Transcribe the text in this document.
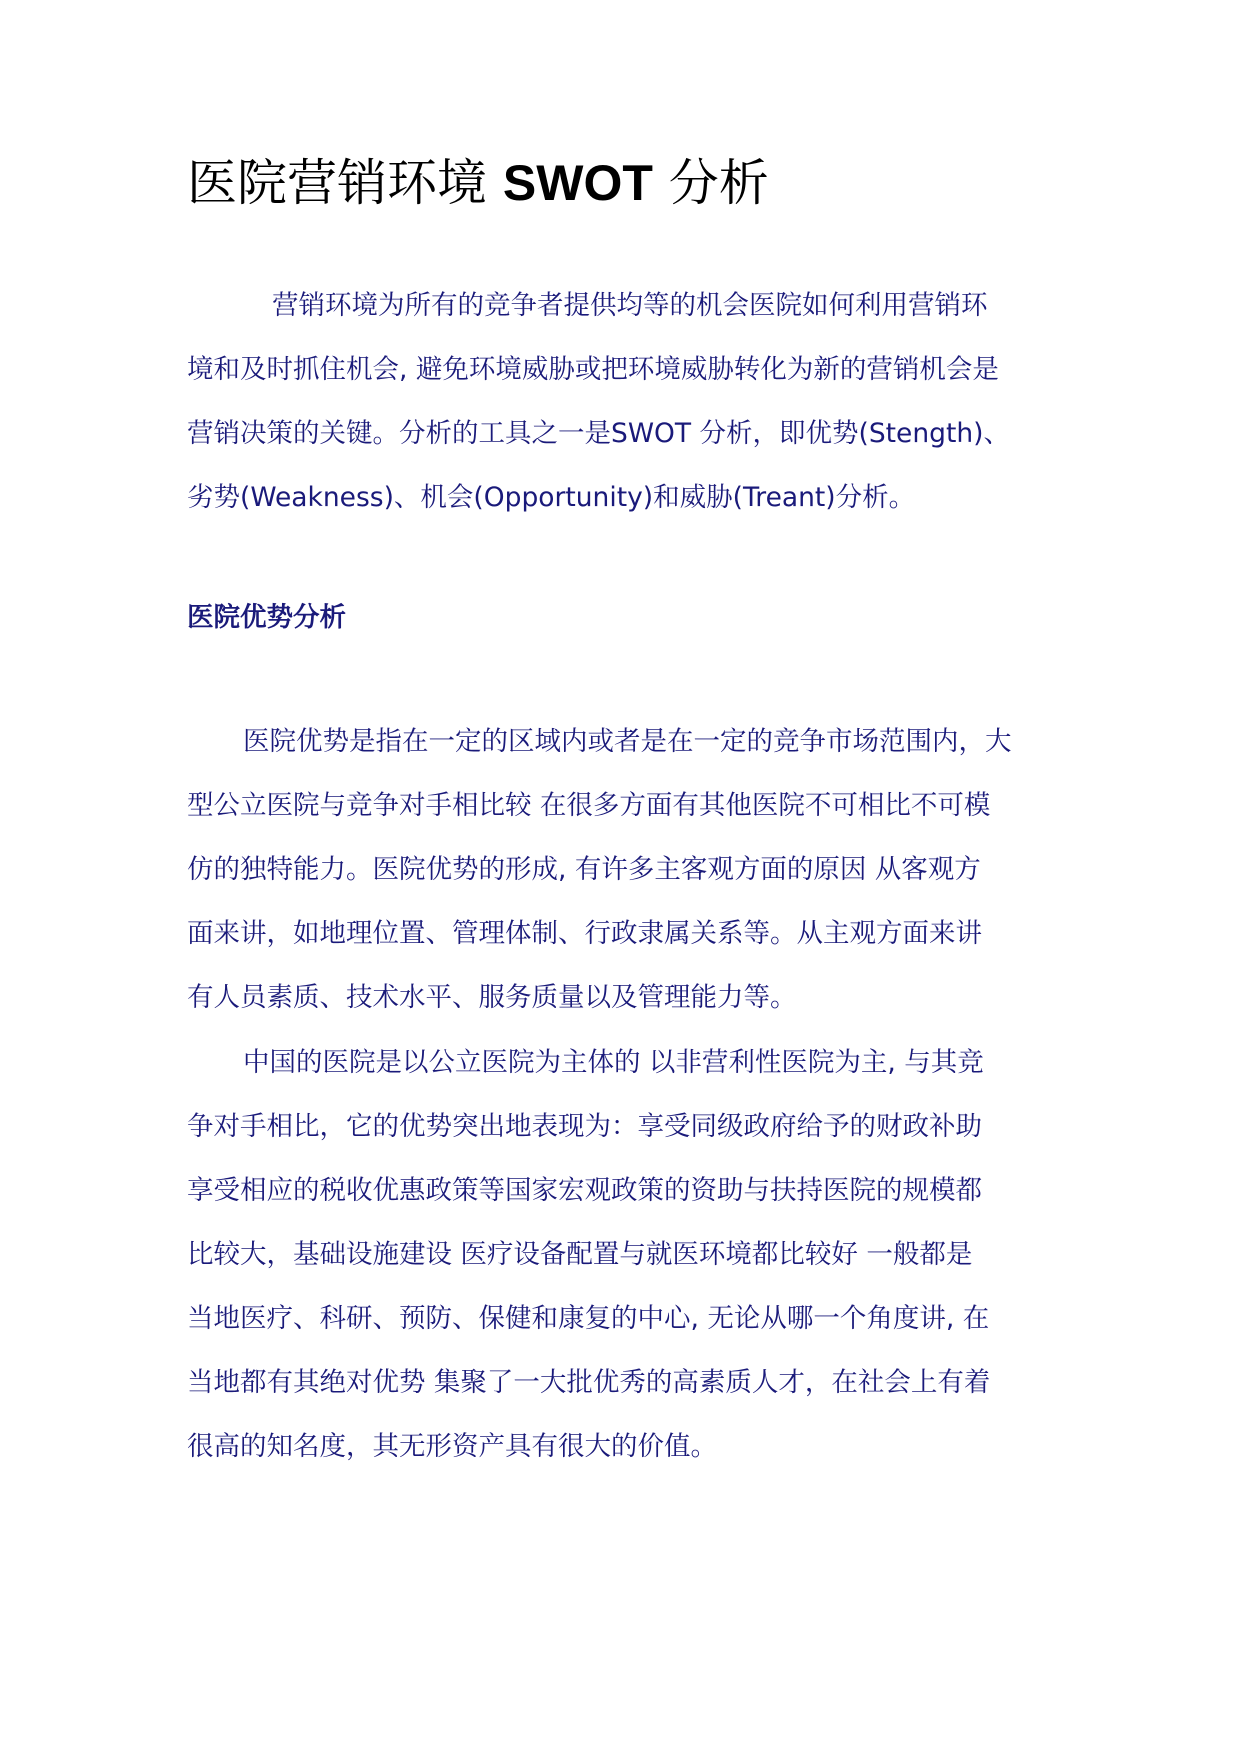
医院营销环境 SWOT 分析
营销环境为所有的竞争者提供均等的机会医院如何利用营销环
境和及时抓住机会, 避免环境威胁或把环境威胁转化为新的营销机会是
营销决策的关键。分析的工具之一是SWOT 分析，即优势(Stength)、
劣势(Weakness)、机会(Opportunity)和威胁(Treant)分析。
医院优势分析
医院优势是指在一定的区域内或者是在一定的竞争市场范围内，大
型公立医院与竞争对手相比较 在很多方面有其他医院不可相比不可模
仿的独特能力。医院优势的形成, 有许多主客观方面的原因 从客观方
面来讲，如地理位置、管理体制、行政隶属关系等。从主观方面来讲
有人员素质、技术水平、服务质量以及管理能力等。
中国的医院是以公立医院为主体的 以非营利性医院为主, 与其竞
争对手相比，它的优势突出地表现为：享受同级政府给予的财政补助
享受相应的税收优惠政策等国家宏观政策的资助与扶持医院的规模都
比较大，基础设施建设 医疗设备配置与就医环境都比较好 一般都是
当地医疗、科研、预防、保健和康复的中心, 无论从哪一个角度讲, 在
当地都有其绝对优势 集聚了一大批优秀的高素质人才，在社会上有着
很高的知名度，其无形资产具有很大的价值。
